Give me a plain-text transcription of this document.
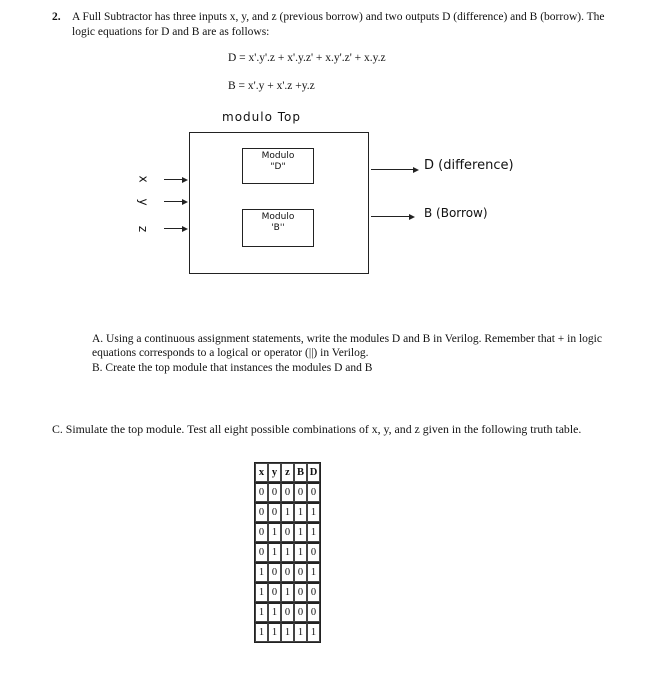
2. A Full Subtractor has three inputs x, y, and z (previous borrow) and two outputs D (difference) and B (borrow). The logic equations for D and B are as follows:
D = x'.y'.z + x'.y.z' + x.y'.z' + x.y.z
B = x'.y + x'.z +y.z
modulo Top
Modulo
"D"
Modulo
'B''
x
y
z
D (difference)
B (Borrow)
A. Using a continuous assignment statements, write the modules D and B in Verilog. Remember that + in logic equations corresponds to a logical or operator (||) in Verilog.
B. Create the top module that instances the modules D and B
C. Simulate the top module. Test all eight possible combinations of x, y, and z given in the following truth table.
x	y	z	B	D
0	0	0	0	0
0	0	1	1	1
0	1	0	1	1
0	1	1	1	0
1	0	0	0	1
1	0	1	0	0
1	1	0	0	0
1	1	1	1	1
